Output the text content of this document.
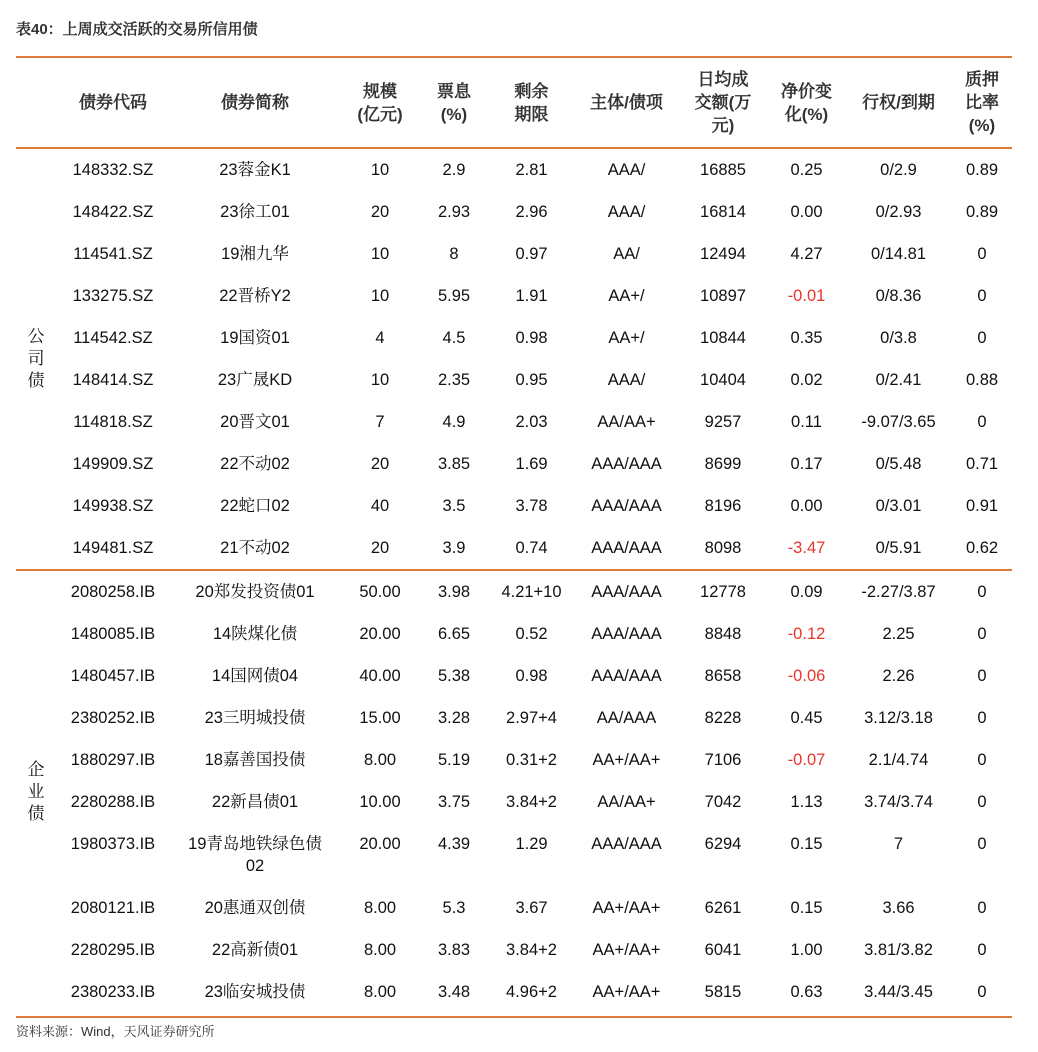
表40：上周成交活跃的交易所信用债
	债券代码	债券简称	规模(亿元)	票息(%)	剩余期限	主体/债项	日均成交额(万元)	净价变化(%)	行权/到期	质押比率(%)
公司债	148332.SZ	23蓉金K1	10	2.9	2.81	AAA/	16885	0.25	0/2.9	0.89
	148422.SZ	23徐工01	20	2.93	2.96	AAA/	16814	0.00	0/2.93	0.89
	114541.SZ	19湘九华	10	8	0.97	AA/	12494	4.27	0/14.81	0
	133275.SZ	22晋桥Y2	10	5.95	1.91	AA+/	10897	-0.01	0/8.36	0
	114542.SZ	19国资01	4	4.5	0.98	AA+/	10844	0.35	0/3.8	0
	148414.SZ	23广晟KD	10	2.35	0.95	AAA/	10404	0.02	0/2.41	0.88
	114818.SZ	20晋文01	7	4.9	2.03	AA/AA+	9257	0.11	-9.07/3.65	0
	149909.SZ	22不动02	20	3.85	1.69	AAA/AAA	8699	0.17	0/5.48	0.71
	149938.SZ	22蛇口02	40	3.5	3.78	AAA/AAA	8196	0.00	0/3.01	0.91
	149481.SZ	21不动02	20	3.9	0.74	AAA/AAA	8098	-3.47	0/5.91	0.62
企业债	2080258.IB	20郑发投资债01	50.00	3.98	4.21+10	AAA/AAA	12778	0.09	-2.27/3.87	0
	1480085.IB	14陕煤化债	20.00	6.65	0.52	AAA/AAA	8848	-0.12	2.25	0
	1480457.IB	14国网债04	40.00	5.38	0.98	AAA/AAA	8658	-0.06	2.26	0
	2380252.IB	23三明城投债	15.00	3.28	2.97+4	AA/AAA	8228	0.45	3.12/3.18	0
	1880297.IB	18嘉善国投债	8.00	5.19	0.31+2	AA+/AA+	7106	-0.07	2.1/4.74	0
	2280288.IB	22新昌债01	10.00	3.75	3.84+2	AA/AA+	7042	1.13	3.74/3.74	0
	1980373.IB	19青岛地铁绿色债02	20.00	4.39	1.29	AAA/AAA	6294	0.15	7	0
	2080121.IB	20惠通双创债	8.00	5.3	3.67	AA+/AA+	6261	0.15	3.66	0
	2280295.IB	22高新债01	8.00	3.83	3.84+2	AA+/AA+	6041	1.00	3.81/3.82	0
	2380233.IB	23临安城投债	8.00	3.48	4.96+2	AA+/AA+	5815	0.63	3.44/3.45	0
资料来源：Wind，天风证券研究所
